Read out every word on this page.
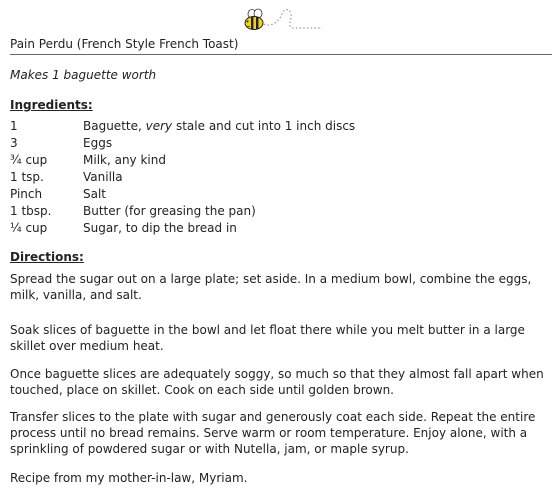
Pain Perdu (French Style French Toast)
Makes 1 baguette worth
Ingredients:
1	Baguette, very stale and cut into 1 inch discs
3	Eggs
¾ cup	Milk, any kind
1 tsp.	Vanilla
Pinch	Salt
1 tbsp.	Butter (for greasing the pan)
¼ cup	Sugar, to dip the bread in
Directions:
Spread the sugar out on a large plate; set aside. In a medium bowl, combine the eggs, milk, vanilla, and salt.
Soak slices of baguette in the bowl and let float there while you melt butter in a large skillet over medium heat.
Once baguette slices are adequately soggy, so much so that they almost fall apart when touched, place on skillet. Cook on each side until golden brown.
Transfer slices to the plate with sugar and generously coat each side. Repeat the entire process until no bread remains. Serve warm or room temperature. Enjoy alone, with a sprinkling of powdered sugar or with Nutella, jam, or maple syrup.
Recipe from my mother-in-law, Myriam.
